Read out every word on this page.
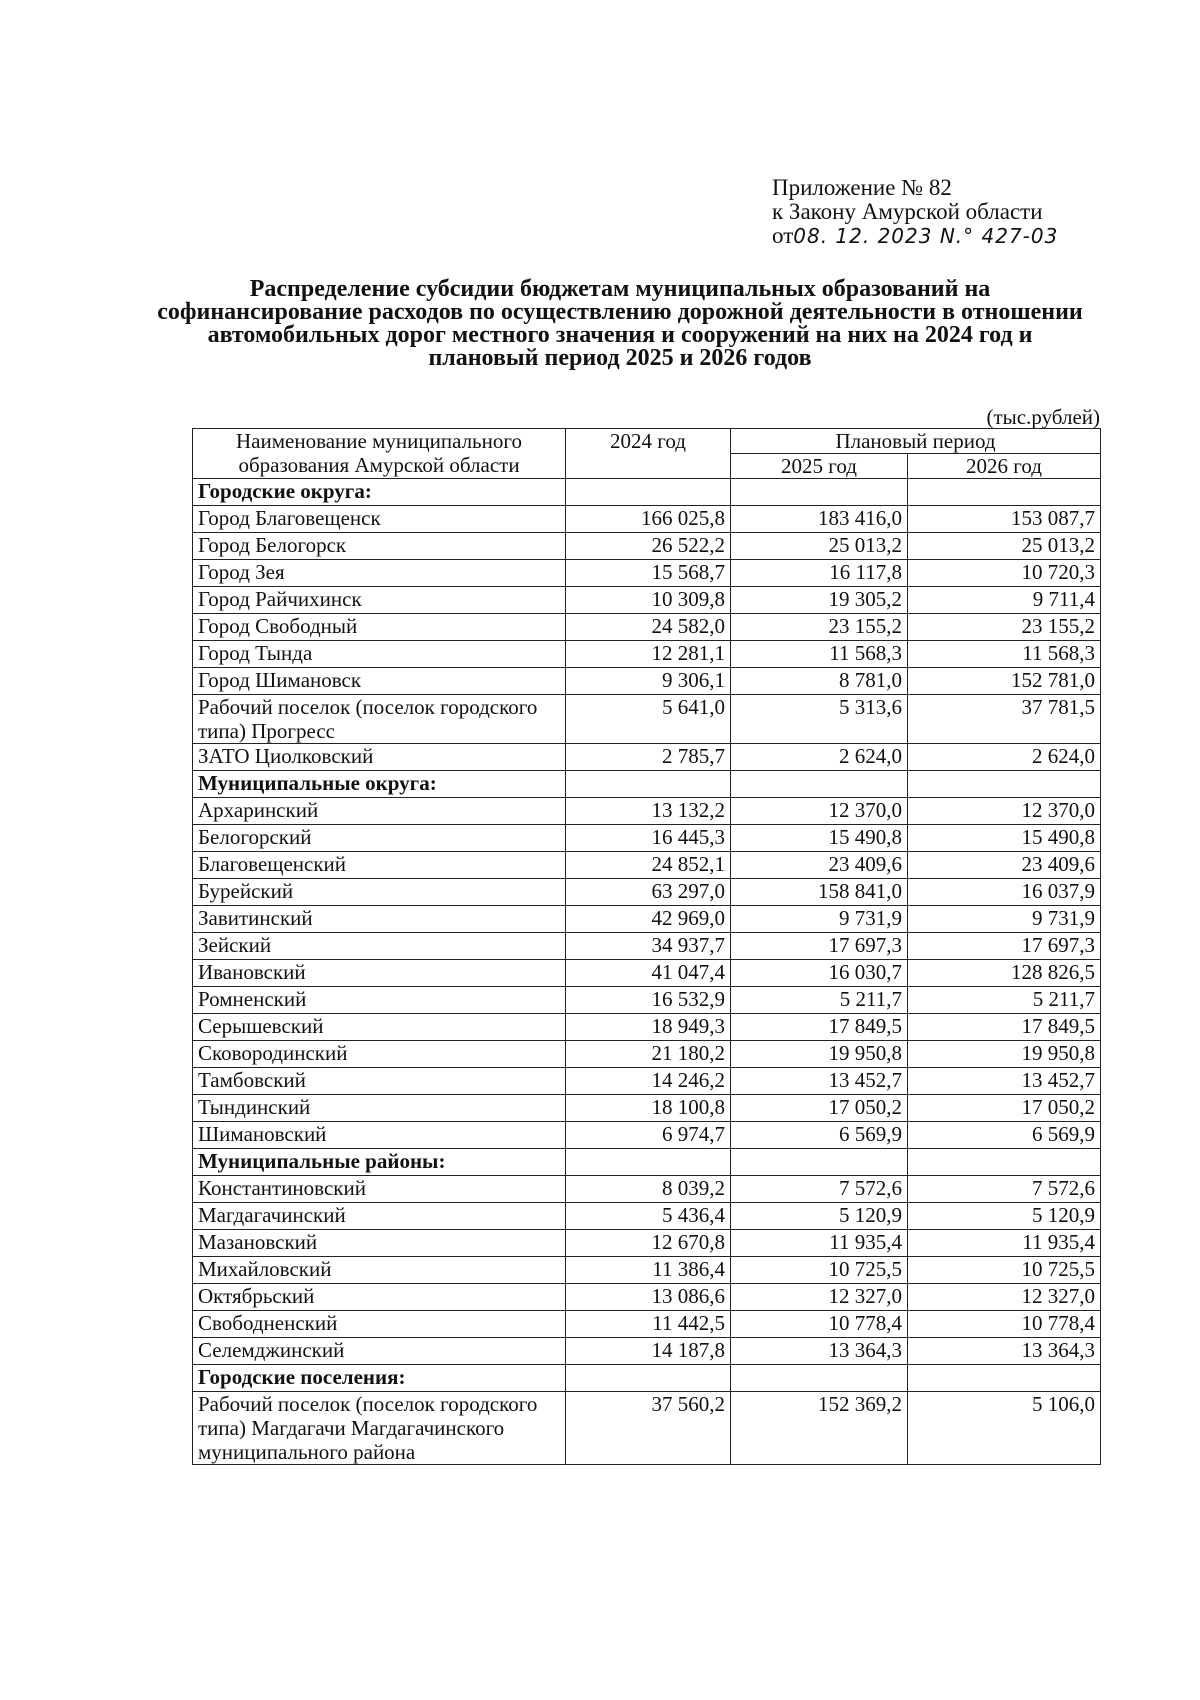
Приложение № 82
к Закону Амурской области
от08. 12. 2023 N.° 427-03
Распределение субсидии бюджетам муниципальных образований на софинансирование расходов по осуществлению дорожной деятельности в отношении автомобильных дорог местного значения и сооружений на них на 2024 год и плановый период 2025 и 2026 годов
(тыс.рублей)
Наименование муниципального образования Амурской области	2024 год	Плановый период	
		2025 год	2026 год
Городские округа:			
Город Благовещенск	166 025,8	183 416,0	153 087,7
Город Белогорск	26 522,2	25 013,2	25 013,2
Город Зея	15 568,7	16 117,8	10 720,3
Город Райчихинск	10 309,8	19 305,2	9 711,4
Город Свободный	24 582,0	23 155,2	23 155,2
Город Тында	12 281,1	11 568,3	11 568,3
Город Шимановск	9 306,1	8 781,0	152 781,0
Рабочий поселок (поселок городского типа) Прогресс	5 641,0	5 313,6	37 781,5
ЗАТО Циолковский	2 785,7	2 624,0	2 624,0
Муниципальные округа:			
Архаринский	13 132,2	12 370,0	12 370,0
Белогорский	16 445,3	15 490,8	15 490,8
Благовещенский	24 852,1	23 409,6	23 409,6
Бурейский	63 297,0	158 841,0	16 037,9
Завитинский	42 969,0	9 731,9	9 731,9
Зейский	34 937,7	17 697,3	17 697,3
Ивановский	41 047,4	16 030,7	128 826,5
Ромненский	16 532,9	5 211,7	5 211,7
Серышевский	18 949,3	17 849,5	17 849,5
Сковородинский	21 180,2	19 950,8	19 950,8
Тамбовский	14 246,2	13 452,7	13 452,7
Тындинский	18 100,8	17 050,2	17 050,2
Шимановский	6 974,7	6 569,9	6 569,9
Муниципальные районы:			
Константиновский	8 039,2	7 572,6	7 572,6
Магдагачинский	5 436,4	5 120,9	5 120,9
Мазановский	12 670,8	11 935,4	11 935,4
Михайловский	11 386,4	10 725,5	10 725,5
Октябрьский	13 086,6	12 327,0	12 327,0
Свободненский	11 442,5	10 778,4	10 778,4
Селемджинский	14 187,8	13 364,3	13 364,3
Городские поселения:			
Рабочий поселок (поселок городского типа) Магдагачи Магдагачинского муниципального района	37 560,2	152 369,2	5 106,0
